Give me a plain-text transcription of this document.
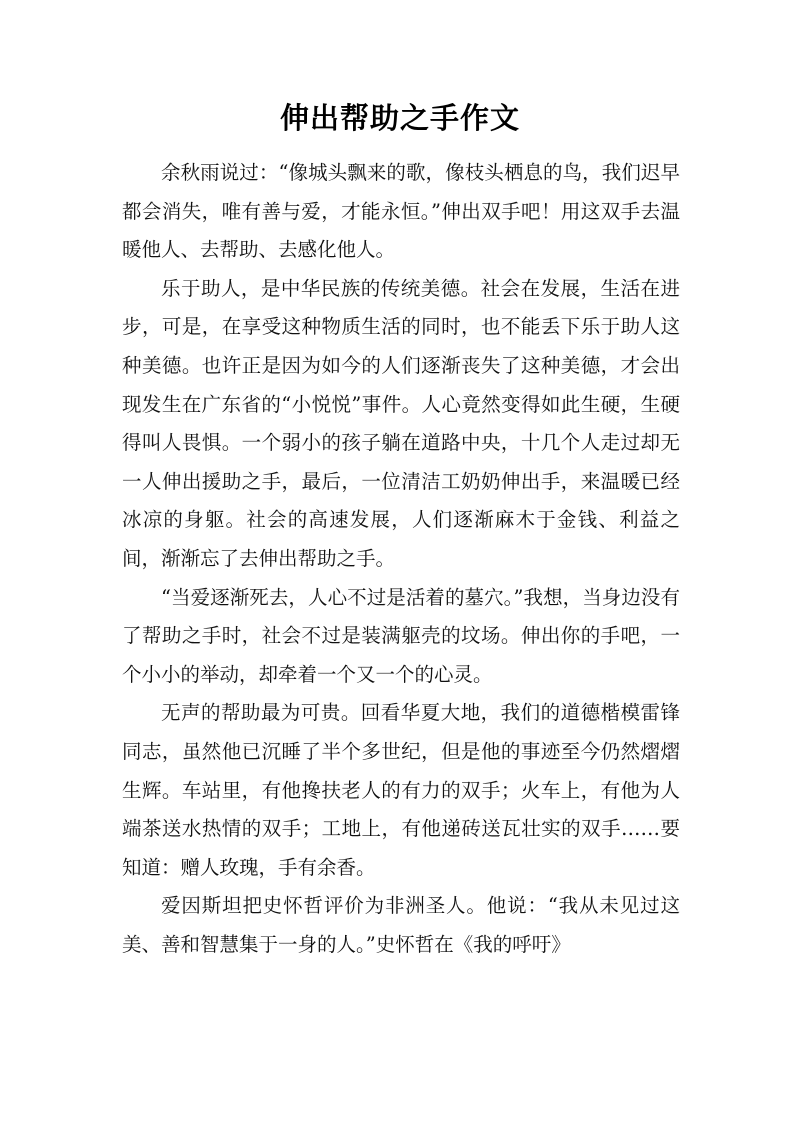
伸出帮助之手作文

余秋雨说过：“像城头飘来的歌，像枝头栖息的鸟，我们迟早都会消失，唯有善与爱，才能永恒。”伸出双手吧！用这双手去温暖他人、去帮助、去感化他人。

乐于助人，是中华民族的传统美德。社会在发展，生活在进步，可是，在享受这种物质生活的同时，也不能丢下乐于助人这种美德。也许正是因为如今的人们逐渐丧失了这种美德，才会出现发生在广东省的“小悦悦”事件。人心竟然变得如此生硬，生硬得叫人畏惧。一个弱小的孩子躺在道路中央，十几个人走过却无一人伸出援助之手，最后，一位清洁工奶奶伸出手，来温暖已经冰凉的身躯。社会的高速发展，人们逐渐麻木于金钱、利益之间，渐渐忘了去伸出帮助之手。

“当爱逐渐死去，人心不过是活着的墓穴。”我想，当身边没有了帮助之手时，社会不过是装满躯壳的坟场。伸出你的手吧，一个小小的举动，却牵着一个又一个的心灵。

无声的帮助最为可贵。回看华夏大地，我们的道德楷模雷锋同志，虽然他已沉睡了半个多世纪，但是他的事迹至今仍然熠熠生辉。车站里，有他搀扶老人的有力的双手；火车上，有他为人端茶送水热情的双手；工地上，有他递砖送瓦壮实的双手……要知道：赠人玫瑰，手有余香。

爱因斯坦把史怀哲评价为非洲圣人。他说：“我从未见过这美、善和智慧集于一身的人。”史怀哲在《我的呼吁》
